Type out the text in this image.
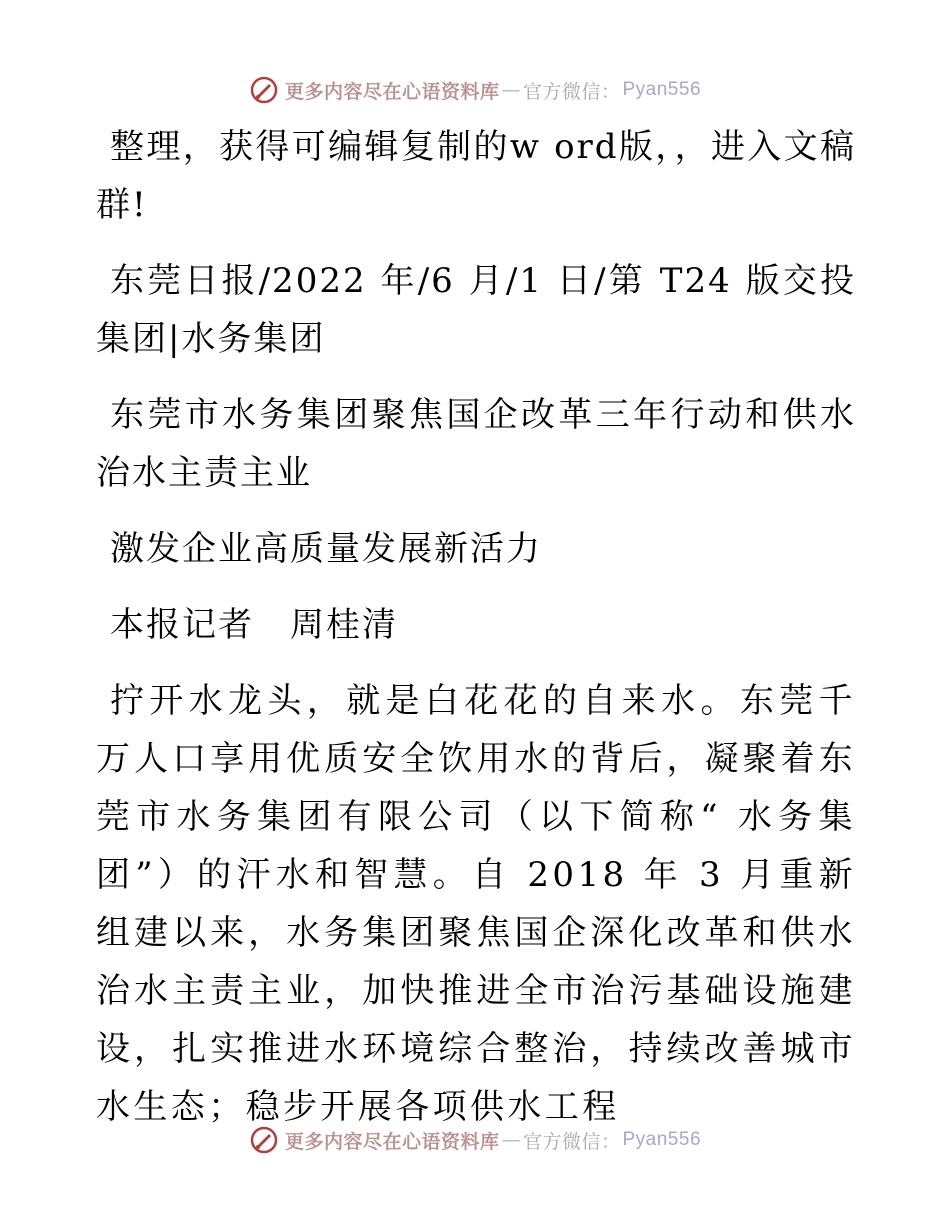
更多内容尽在心语资料库 — 官方微信： Pyan556

整理，获得可编辑复制的w ord版，，进入文稿群!

东莞日报/2022 年/6 月/1 日/第 T24 版交投集团|水务集团

东莞市水务集团聚焦国企改革三年行动和供水治水主责主业

激发企业高质量发展新活力

本报记者　周桂清

拧开水龙头，就是白花花的自来水。东莞千万人口享用优质安全饮用水的背后，凝聚着东莞市水务集团有限公司（以下简称“ 水务集团”）的汗水和智慧。自 2018 年 3 月重新组建以来，水务集团聚焦国企深化改革和供水治水主责主业，加快推进全市治污基础设施建设，扎实推进水环境综合整治，持续改善城市水生态；稳步开展各项供水工程

更多内容尽在心语资料库 — 官方微信： Pyan556
